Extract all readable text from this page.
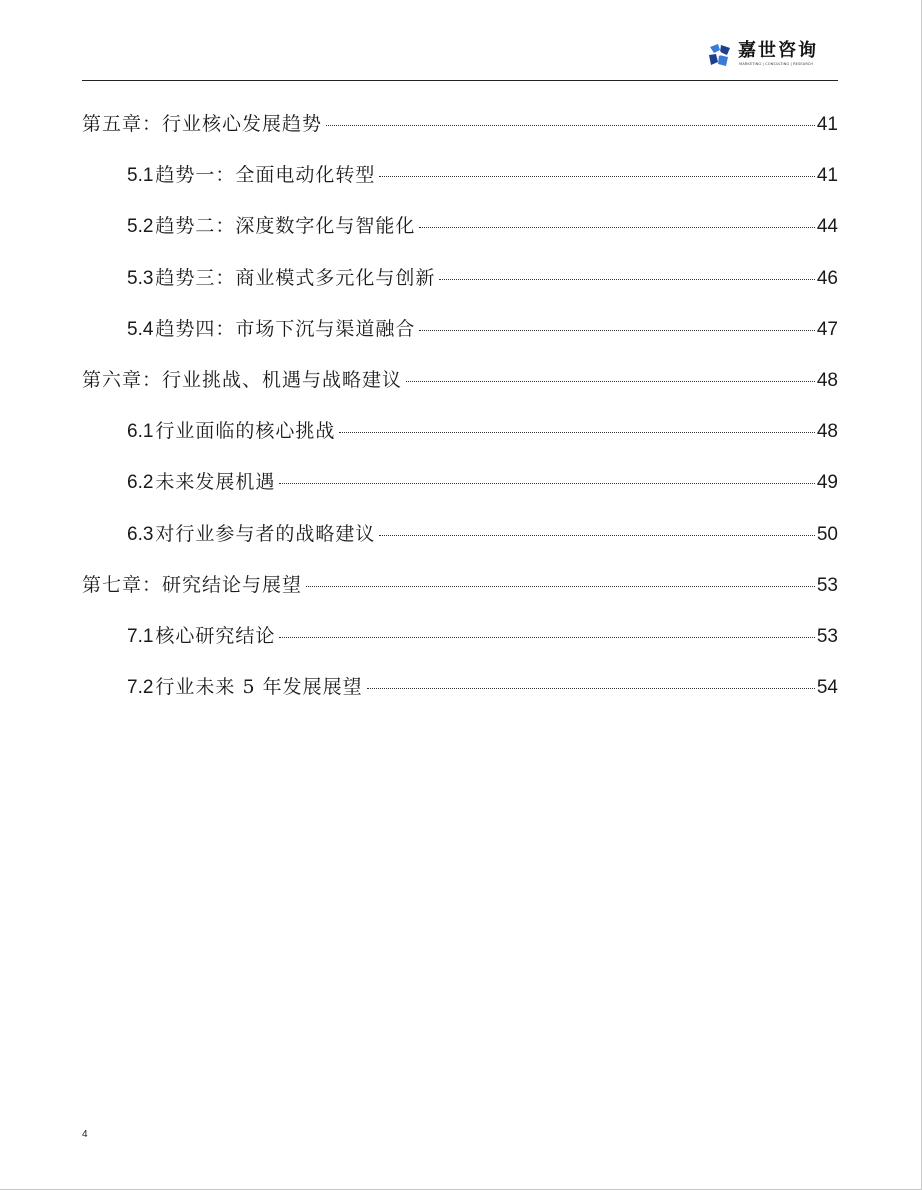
嘉世咨询
MARKETING | CONSULTING | RESEARCH
第五章：行业核心发展趋势	41
5.1 趋势一：全面电动化转型	41
5.2 趋势二：深度数字化与智能化	44
5.3 趋势三：商业模式多元化与创新	46
5.4 趋势四：市场下沉与渠道融合	47
第六章：行业挑战、机遇与战略建议	48
6.1 行业面临的核心挑战	48
6.2 未来发展机遇	49
6.3 对行业参与者的战略建议	50
第七章：研究结论与展望	53
7.1 核心研究结论	53
7.2 行业未来 5 年发展展望	54
4
